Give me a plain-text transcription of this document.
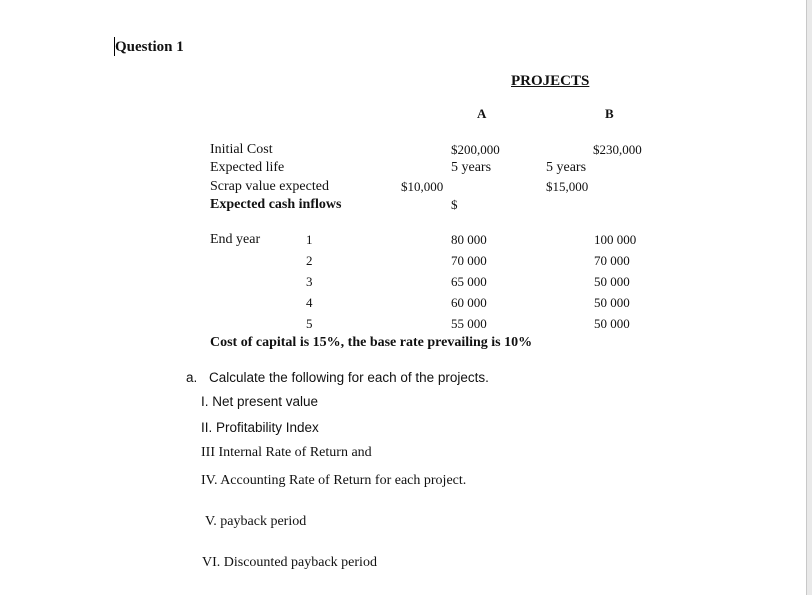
Question 1
PROJECTS
A	B
Initial Cost	$200,000	$230,000
Expected life	5 years	5 years
Scrap value expected	$10,000	$15,000
Expected cash inflows	$
End year	1	80 000	100 000
2	70 000	70 000
3	65 000	50 000
4	60 000	50 000
5	55 000	50 000
Cost of capital is 15%, the base rate prevailing is 10%
a. Calculate the following for each of the projects.
I. Net present value
II. Profitability Index
III Internal Rate of Return and
IV. Accounting Rate of Return for each project.
V. payback period
VI. Discounted payback period
